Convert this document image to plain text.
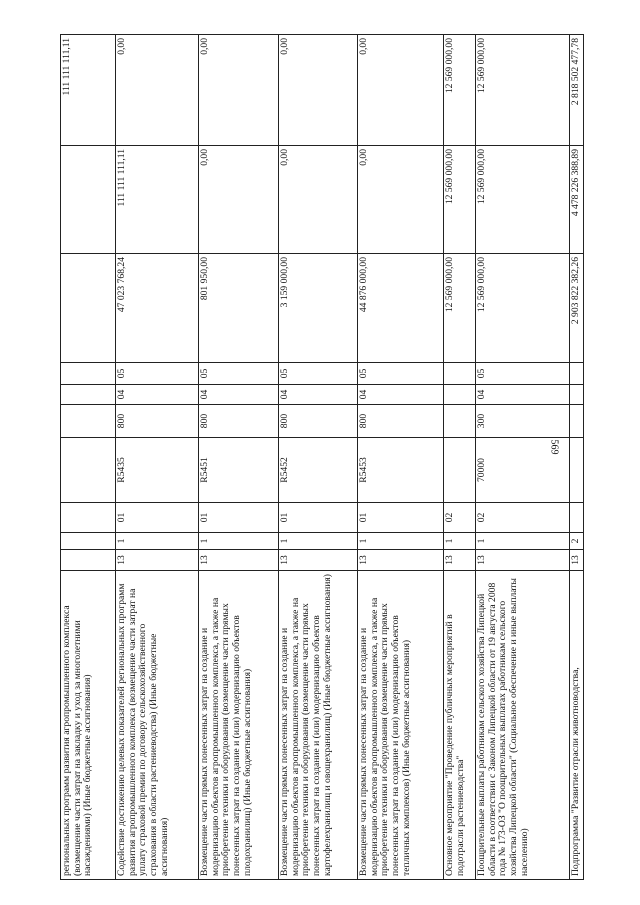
569
региональных программ развития агропромышленного комплекса (возмещение части затрат на закладку и уход за многолетними насаждениями) (Иные бюджетные ассигнования)										111 111 111,11
Содействие достижению целевых показателей региональных программ развития агропромышленного комплекса (возмещение части затрат на уплату страховой премии по договору сельскохозяйственного страхования в области растениеводства) (Иные бюджетные ассигнования)	13	1	01	R5435	800	04	05	47 023 768,24	111 111 111,11	0,00
Возмещение части прямых понесенных затрат на создание и модернизацию объектов агропромышленного комплекса, а также на приобретение техники и оборудования (возмещение части прямых понесенных затрат на создание и (или) модернизацию объектов плодохранилищ) (Иные бюджетные ассигнования)	13	1	01	R5451	800	04	05	801 950,00	0,00	0,00
Возмещение части прямых понесенных затрат на создание и модернизацию объектов агропромышленного комплекса, а также на приобретение техники и оборудования (возмещение части прямых понесенных затрат на создание и (или) модернизацию объектов картофелехранилищ и овощехранилищ) (Иные бюджетные ассигнования)	13	1	01	R5452	800	04	05	3 159 000,00	0,00	0,00
Возмещение части прямых понесенных затрат на создание и модернизацию объектов агропромышленного комплекса, а также на приобретение техники и оборудования (возмещение части прямых понесенных затрат на создание и (или) модернизацию объектов тепличных комплексов) (Иные бюджетные ассигнования)	13	1	01	R5453	800	04	05	44 876 000,00	0,00	0,00
Основное мероприятие "Проведение публичных мероприятий в подотрасли растениеводства"	13	1	02					12 569 000,00	12 569 000,00	12 569 000,00
Поощрительные выплаты работникам сельского хозяйства Липецкой области в соответствии с Законом Липецкой области от 19 августа 2008 года № 173-ОЗ "О поощрительных выплатах работникам сельского хозяйства Липецкой области" (Социальное обеспечение и иные выплаты населению)	13	1	02	70000	300	04	05	12 569 000,00	12 569 000,00	12 569 000,00
Подпрограмма "Развитие отрасли животноводства,	13	2						2 903 822 382,26	4 478 226 388,89	2 818 502 477,78
